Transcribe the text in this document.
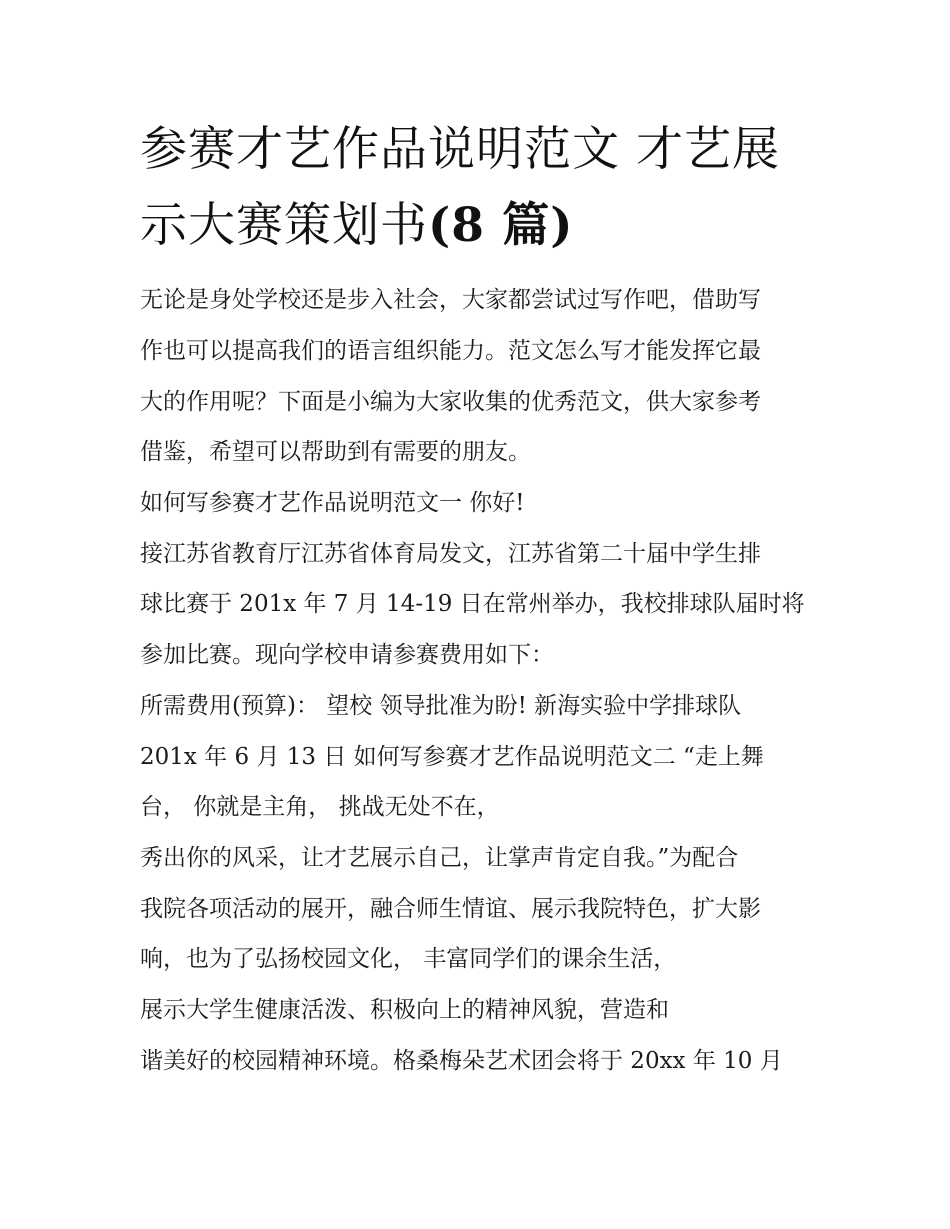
参赛才艺作品说明范文 才艺展
示大赛策划书(8 篇)

无论是身处学校还是步入社会，大家都尝试过写作吧，借助写

作也可以提高我们的语言组织能力。范文怎么写才能发挥它最

大的作用呢？下面是小编为大家收集的优秀范文，供大家参考

借鉴，希望可以帮助到有需要的朋友。

如何写参赛才艺作品说明范文一 你好!

接江苏省教育厅江苏省体育局发文，江苏省第二十届中学生排

球比赛于 201x 年 7 月 14-19 日在常州举办，我校排球队届时将

参加比赛。现向学校申请参赛费用如下：

所需费用(预算)： 望校 领导批准为盼! 新海实验中学排球队

201x 年 6 月 13 日 如何写参赛才艺作品说明范文二 “走上舞

台， 你就是主角， 挑战无处不在，

秀出你的风采，让才艺展示自己，让掌声肯定自我。”为配合

我院各项活动的展开，融合师生情谊、展示我院特色，扩大影

响，也为了弘扬校园文化， 丰富同学们的课余生活，

展示大学生健康活泼、积极向上的精神风貌，营造和

谐美好的校园精神环境。格桑梅朵艺术团会将于 20xx 年 10 月
